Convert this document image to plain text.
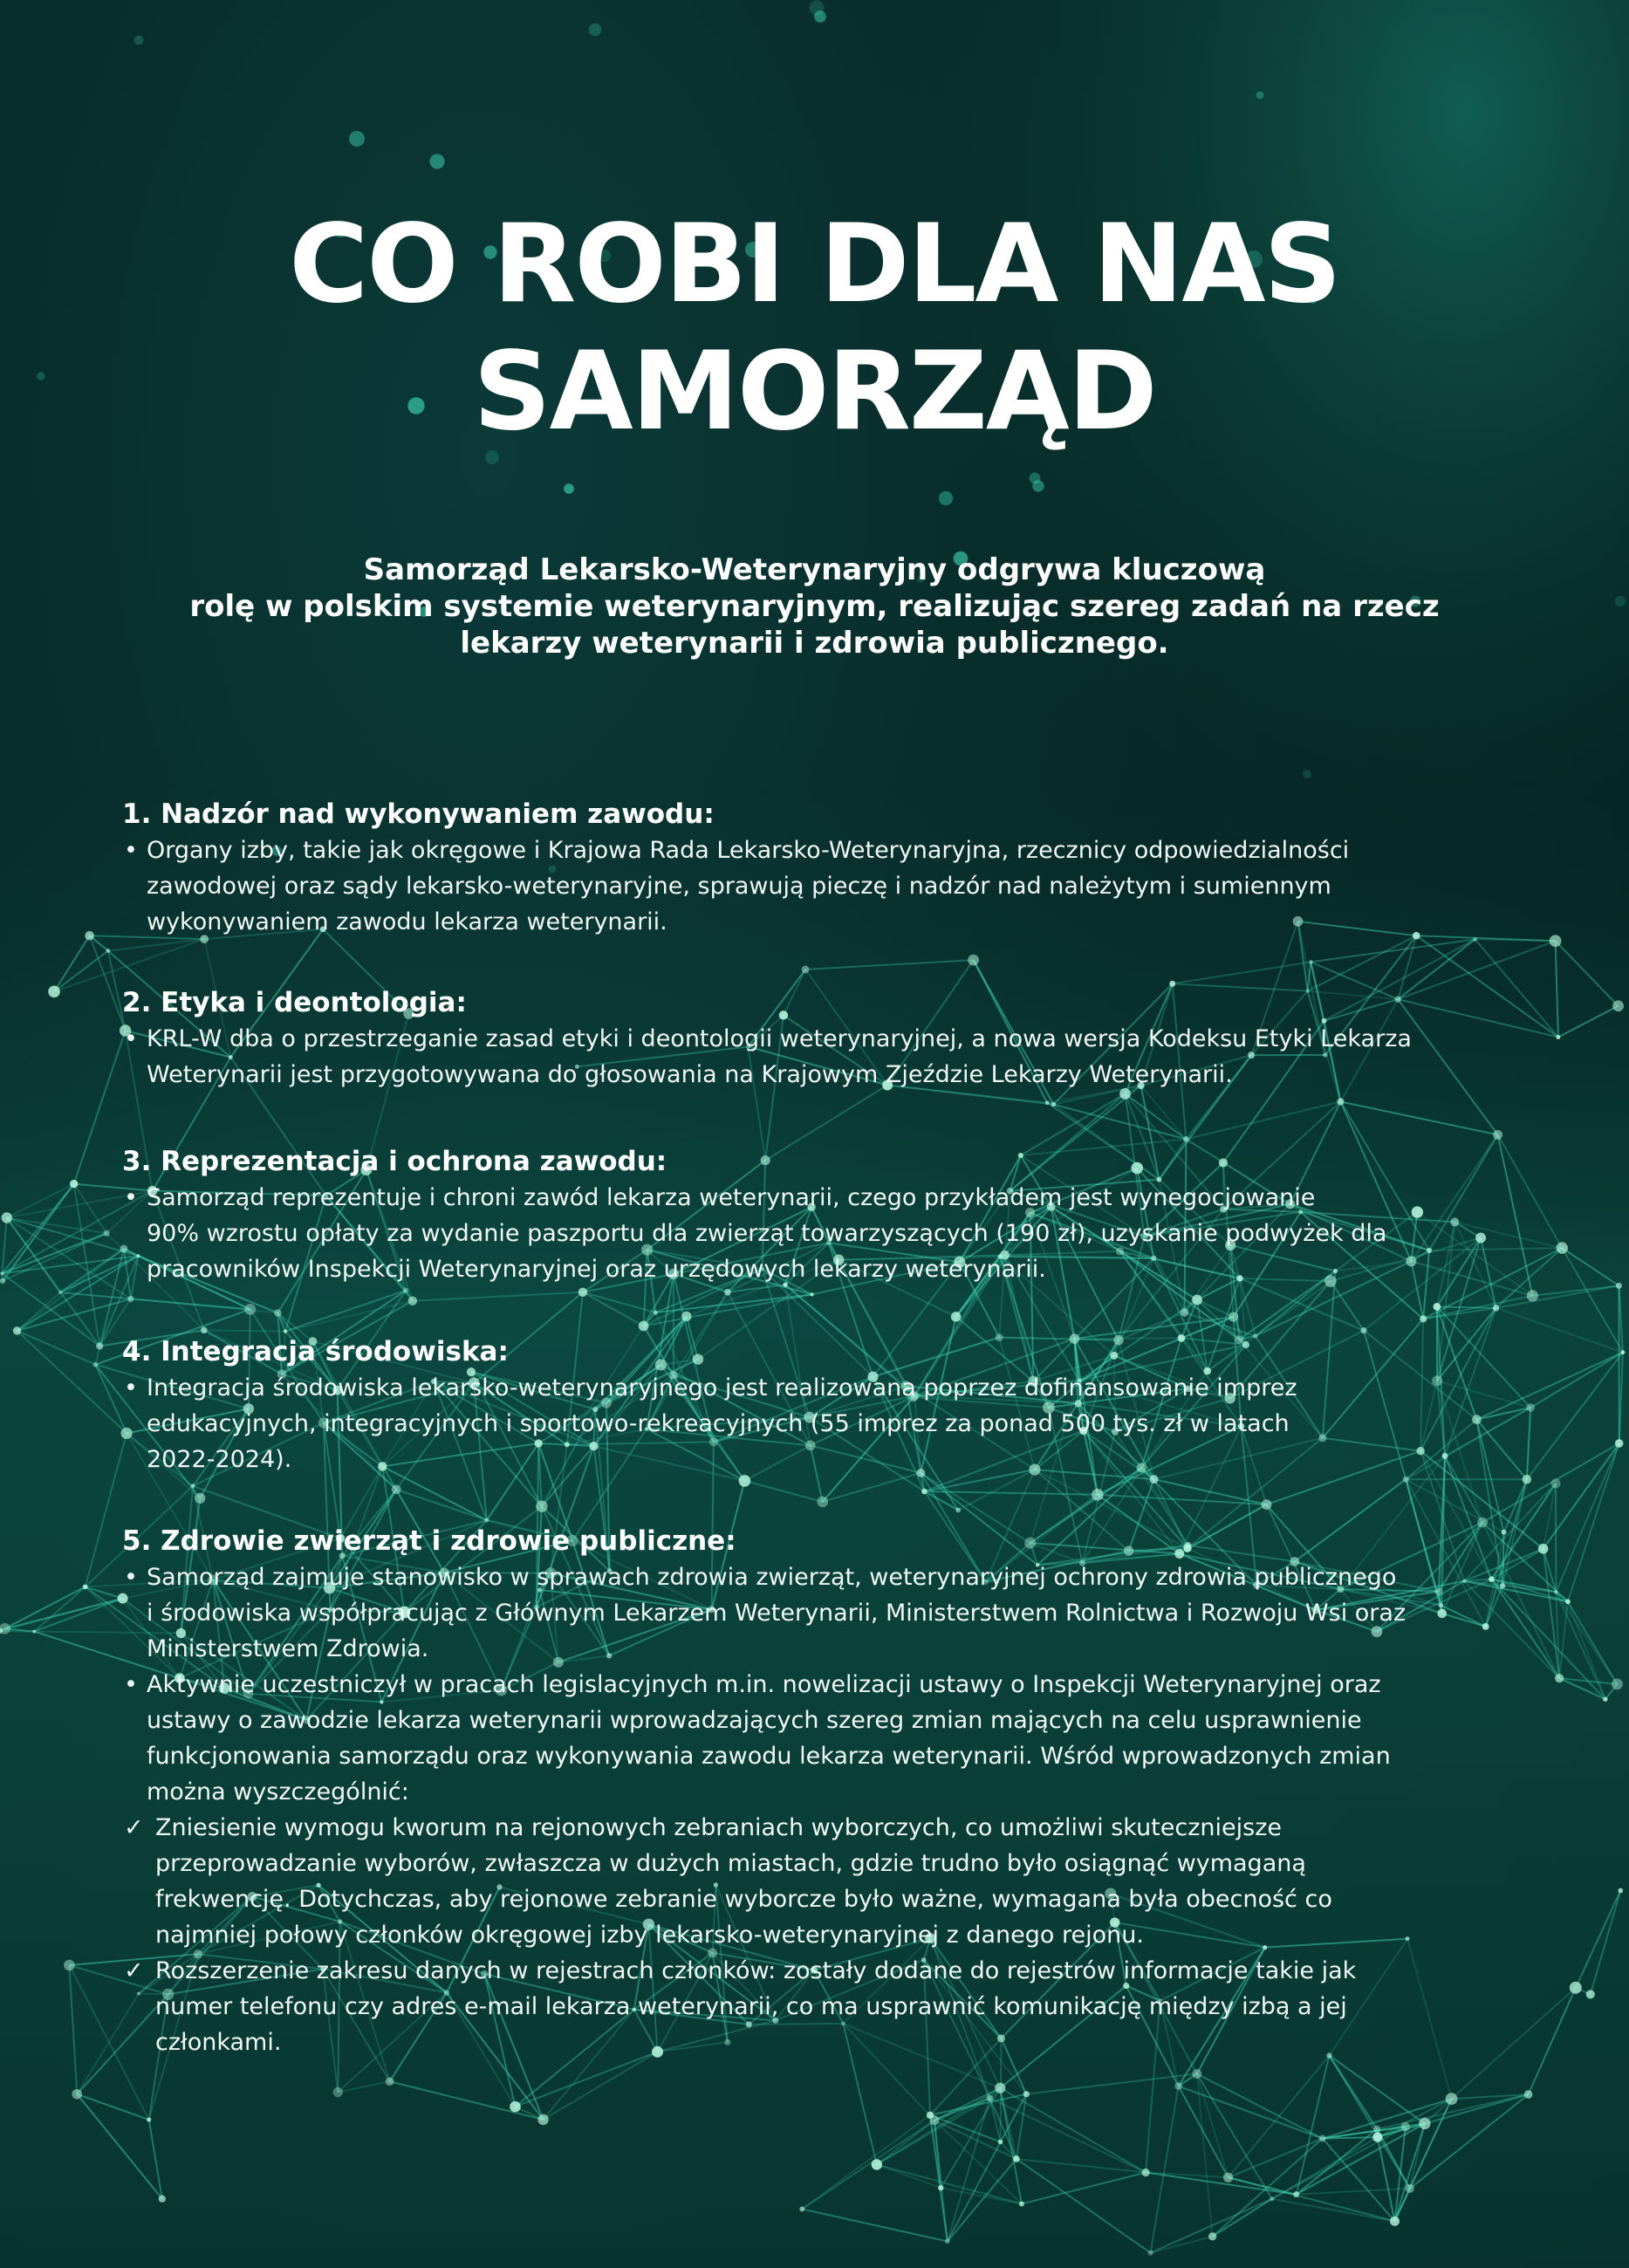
CO ROBI DLA NAS
SAMORZĄD
Samorząd Lekarsko-Weterynaryjny odgrywa kluczową
rolę w polskim systemie weterynaryjnym, realizując szereg zadań na rzecz
lekarzy weterynarii i zdrowia publicznego.
1. Nadzór nad wykonywaniem zawodu:

• Organy izby, takie jak okręgowe i Krajowa Rada Lekarsko-Weterynaryjna, rzecznicy odpowiedzialności
zawodowej oraz sądy lekarsko-weterynaryjne, sprawują pieczę i nadzór nad należytym i sumiennym
wykonywaniem zawodu lekarza weterynarii.

2. Etyka i deontologia:

• KRL-W dba o przestrzeganie zasad etyki i deontologii weterynaryjnej, a nowa wersja Kodeksu Etyki Lekarza
Weterynarii jest przygotowywana do głosowania na Krajowym Zjeździe Lekarzy Weterynarii.

3. Reprezentacja i ochrona zawodu:

• Samorząd reprezentuje i chroni zawód lekarza weterynarii, czego przykładem jest wynegocjowanie
90% wzrostu opłaty za wydanie paszportu dla zwierząt towarzyszących (190 zł), uzyskanie podwyżek dla
pracowników Inspekcji Weterynaryjnej oraz urzędowych lekarzy weterynarii.

4. Integracja środowiska:

• Integracja środowiska lekarsko-weterynaryjnego jest realizowana poprzez dofinansowanie imprez
edukacyjnych, integracyjnych i sportowo-rekreacyjnych (55 imprez za ponad 500 tys. zł w latach
2022-2024).

5. Zdrowie zwierząt i zdrowie publiczne:

• Samorząd zajmuje stanowisko w sprawach zdrowia zwierząt, weterynaryjnej ochrony zdrowia publicznego
i środowiska współpracując z Głównym Lekarzem Weterynarii, Ministerstwem Rolnictwa i Rozwoju Wsi oraz
Ministerstwem Zdrowia.

• Aktywnie uczestniczył w pracach legislacyjnych m.in. nowelizacji ustawy o Inspekcji Weterynaryjnej oraz
ustawy o zawodzie lekarza weterynarii wprowadzających szereg zmian mających na celu usprawnienie
funkcjonowania samorządu oraz wykonywania zawodu lekarza weterynarii. Wśród wprowadzonych zmian
można wyszczególnić:

✓ Zniesienie wymogu kworum na rejonowych zebraniach wyborczych, co umożliwi skuteczniejsze
przeprowadzanie wyborów, zwłaszcza w dużych miastach, gdzie trudno było osiągnąć wymaganą
frekwencję. Dotychczas, aby rejonowe zebranie wyborcze było ważne, wymagana była obecność co
najmniej połowy członków okręgowej izby lekarsko-weterynaryjnej z danego rejonu.

✓ Rozszerzenie zakresu danych w rejestrach członków: zostały dodane do rejestrów informacje takie jak
numer telefonu czy adres e-mail lekarza weterynarii, co ma usprawnić komunikację między izbą a jej
członkami.
